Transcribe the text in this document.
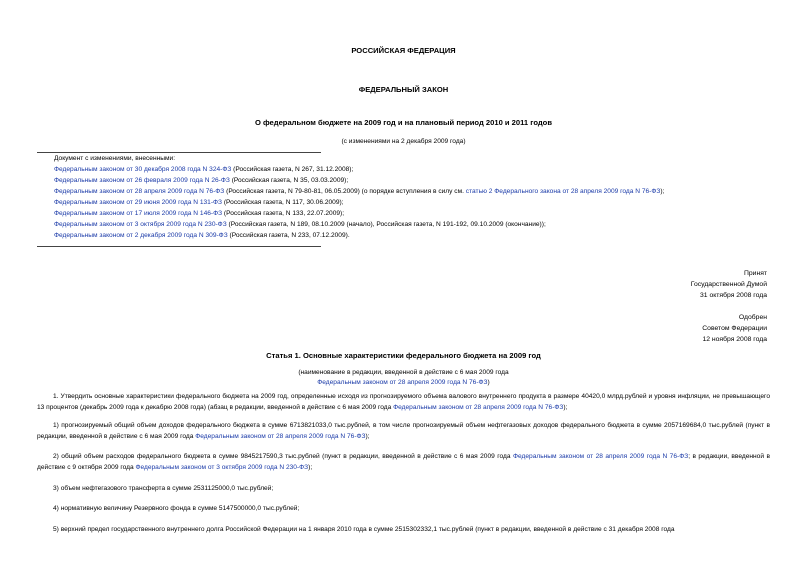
РОССИЙСКАЯ ФЕДЕРАЦИЯ
ФЕДЕРАЛЬНЫЙ ЗАКОН
О федеральном бюджете на 2009 год и на плановый период 2010 и 2011 годов
(с изменениями на 2 декабря 2009 года)
Документ с изменениями, внесенными:
Федеральным законом от 30 декабря 2008 года N 324-ФЗ (Российская газета, N 267, 31.12.2008);
Федеральным законом от 26 февраля 2009 года N 26-ФЗ (Российская газета, N 35, 03.03.2009);
Федеральным законом от 28 апреля 2009 года N 76-ФЗ (Российская газета, N 79-80-81, 06.05.2009) (о порядке вступления в силу см. статью 2 Федерального закона от 28 апреля 2009 года N 76-ФЗ);
Федеральным законом от 29 июня 2009 года N 131-ФЗ (Российская газета, N 117, 30.06.2009);
Федеральным законом от 17 июля 2009 года N 146-ФЗ (Российская газета, N 133, 22.07.2009);
Федеральным законом от 3 октября 2009 года N 230-ФЗ (Российская газета, N 189, 08.10.2009 (начало), Российская газета, N 191-192, 09.10.2009 (окончание));
Федеральным законом от 2 декабря 2009 года N 309-ФЗ (Российская газета, N 233, 07.12.2009).
Принят
Государственной Думой
31 октября 2008 года
Одобрен
Советом Федерации
12 ноября 2008 года
Статья 1. Основные характеристики федерального бюджета на 2009 год
(наименование в редакции, введенной в действие с 6 мая 2009 года
Федеральным законом от 28 апреля 2009 года N 76-ФЗ)
1. Утвердить основные характеристики федерального бюджета на 2009 год, определенные исходя из прогнозируемого объема валового внутреннего продукта в размере 40420,0 млрд.рублей и уровня инфляции, не превышающего 13 процентов (декабрь 2009 года к декабрю 2008 года) (абзац в редакции, введенной в действие с 6 мая 2009 года Федеральным законом от 28 апреля 2009 года N 76-ФЗ);
1) прогнозируемый общий объем доходов федерального бюджета в сумме 6713821033,0 тыс.рублей, в том числе прогнозируемый объем нефтегазовых доходов федерального бюджета в сумме 2057169684,0 тыс.рублей (пункт в редакции, введенной в действие с 6 мая 2009 года Федеральным законом от 28 апреля 2009 года N 76-ФЗ);
2) общий объем расходов федерального бюджета в сумме 9845217590,3 тыс.рублей (пункт в редакции, введенной в действие с 6 мая 2009 года Федеральным законом от 28 апреля 2009 года N 76-ФЗ; в редакции, введенной в действие с 9 октября 2009 года Федеральным законом от 3 октября 2009 года N 230-ФЗ);
3) объем нефтегазового трансферта в сумме 2531125000,0 тыс.рублей;
4) нормативную величину Резервного фонда в сумме 5147500000,0 тыс.рублей;
5) верхний предел государственного внутреннего долга Российской Федерации на 1 января 2010 года в сумме 2515302332,1 тыс.рублей (пункт в редакции, введенной в действие с 31 декабря 2008 года
